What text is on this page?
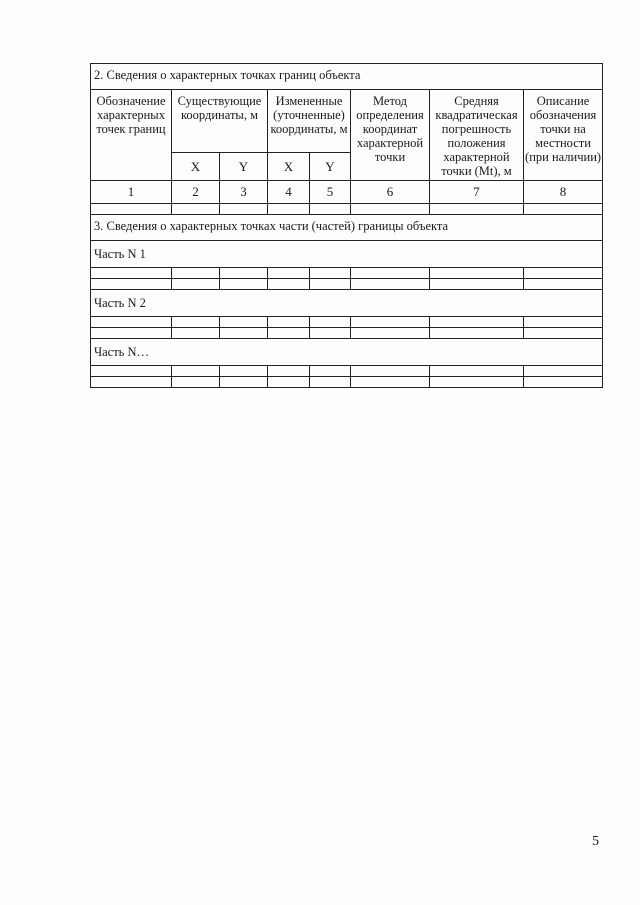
2. Сведения о характерных точках границ объекта							
Обозначение характерных точек границ	Существующие координаты, м		Измененные (уточненные) координаты, м		Метод определения координат характерной точки	Средняя квадратическая погрешность положения характерной точки (Mt), м	Описание обозначения точки на местности (при наличии)
	X	Y	X	Y			
1	2	3	4	5	6	7	8

3. Сведения о характерных точках части (частей) границы объекта							
Часть N 1							

Часть N 2							

Часть N…							

5
